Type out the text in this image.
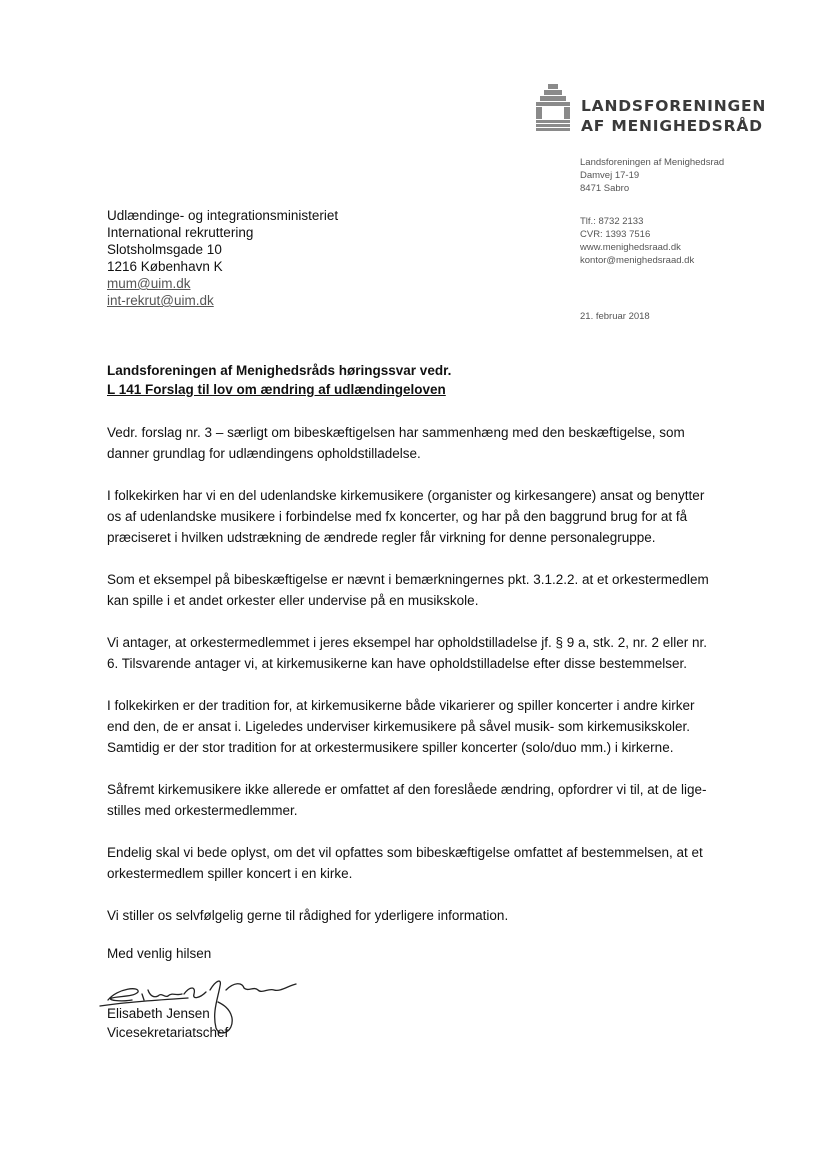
LANDSFORENINGEN
AF MENIGHEDSRÅD
Landsforeningen af Menighedsrad
Damvej 17-19
8471 Sabro
Tlf.: 8732 2133
CVR: 1393 7516
www.menighedsraad.dk
kontor@menighedsraad.dk
21. februar 2018
Udlændinge- og integrationsministeriet
International rekruttering
Slotsholmsgade 10
1216 København K
mum@uim.dk
int-rekrut@uim.dk
Landsforeningen af Menighedsråds høringssvar vedr.
L 141 Forslag til lov om ændring af udlændingeloven
Vedr. forslag nr. 3 – særligt om bibeskæftigelsen har sammenhæng med den beskæftigelse, som
danner grundlag for udlændingens opholdstilladelse.
I folkekirken har vi en del udenlandske kirkemusikere (organister og kirkesangere) ansat og benytter
os af udenlandske musikere i forbindelse med fx koncerter, og har på den baggrund brug for at få
præciseret i hvilken udstrækning de ændrede regler får virkning for denne personalegruppe.
Som et eksempel på bibeskæftigelse er nævnt i bemærkningernes pkt. 3.1.2.2. at et orkestermedlem
kan spille i et andet orkester eller undervise på en musikskole.
Vi antager, at orkestermedlemmet i jeres eksempel har opholdstilladelse jf. § 9 a, stk. 2, nr. 2 eller nr.
6. Tilsvarende antager vi, at kirkemusikerne kan have opholdstilladelse efter disse bestemmelser.
I folkekirken er der tradition for, at kirkemusikerne både vikarierer og spiller koncerter i andre kirker
end den, de er ansat i. Ligeledes underviser kirkemusikere på såvel musik- som kirkemusikskoler.
Samtidig er der stor tradition for at orkestermusikere spiller koncerter (solo/duo mm.) i kirkerne.
Såfremt kirkemusikere ikke allerede er omfattet af den foreslåede ændring, opfordrer vi til, at de lige-
stilles med orkestermedlemmer.
Endelig skal vi bede oplyst, om det vil opfattes som bibeskæftigelse omfattet af bestemmelsen, at et
orkestermedlem spiller koncert i en kirke.
Vi stiller os selvfølgelig gerne til rådighed for yderligere information.
Med venlig hilsen
Elisabeth Jensen
Vicesekretariatschef
